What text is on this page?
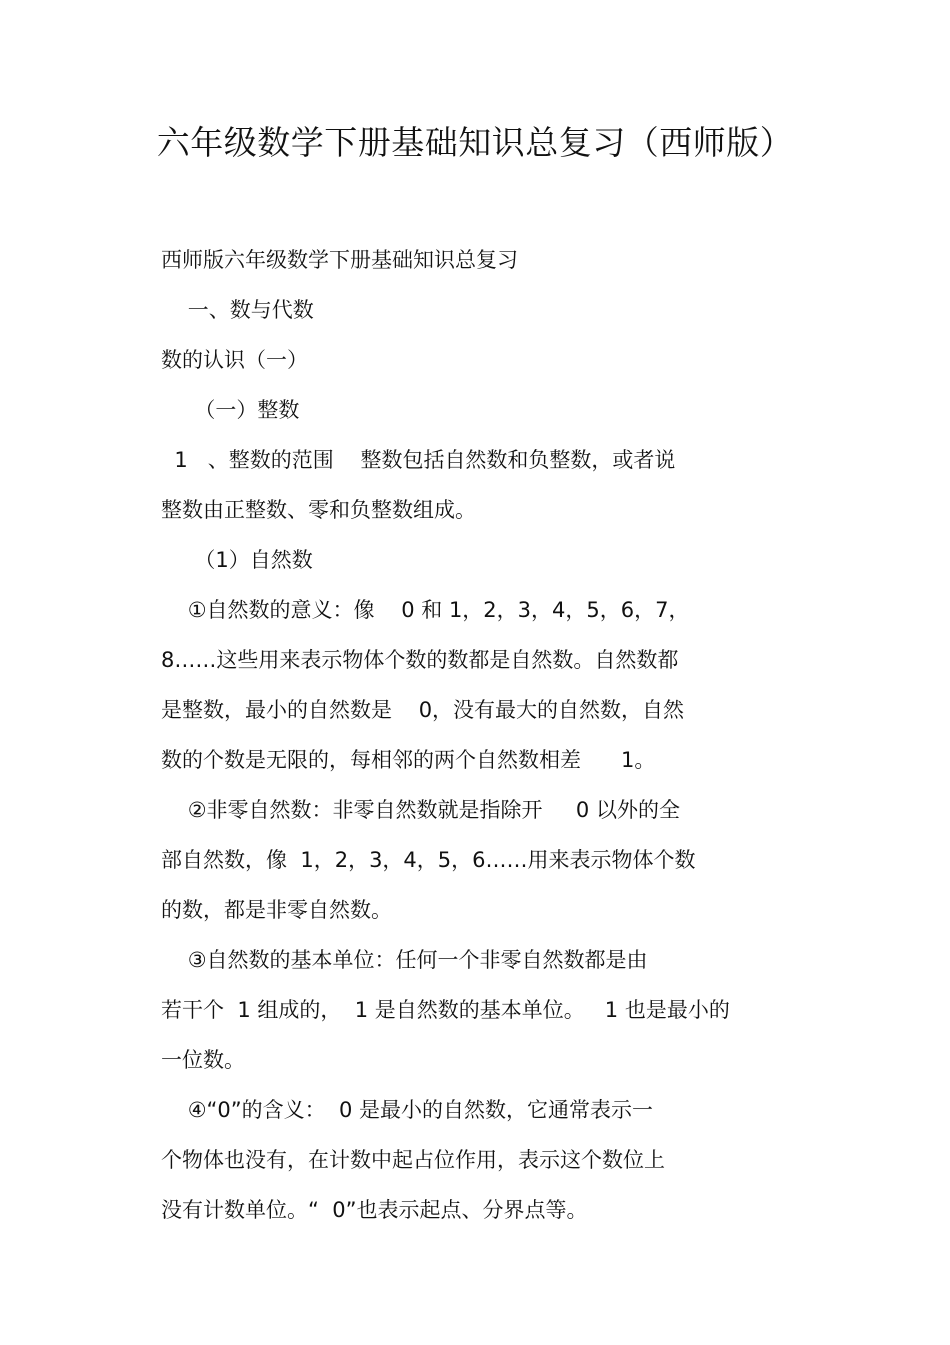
六年级数学下册基础知识总复习（西师版）
西师版六年级数学下册基础知识总复习
一、数与代数
数的认识（一）
（一）整数
1   、整数的范围    整数包括自然数和负整数，或者说
整数由正整数、零和负整数组成。
（1）自然数
①自然数的意义：像    0 和 1，2，3，4，5，6，7，
8……这些用来表示物体个数的数都是自然数。自然数都
是整数，最小的自然数是    0，没有最大的自然数，自然
数的个数是无限的，每相邻的两个自然数相差      1。
②非零自然数：非零自然数就是指除开     0 以外的全
部自然数，像  1，2，3，4，5，6……用来表示物体个数
的数，都是非零自然数。
③自然数的基本单位：任何一个非零自然数都是由
若干个  1 组成的，  1 是自然数的基本单位。   1 也是最小的
一位数。
④“0”的含义：  0 是最小的自然数，它通常表示一
个物体也没有，在计数中起占位作用，表示这个数位上
没有计数单位。“  0”也表示起点、分界点等。
